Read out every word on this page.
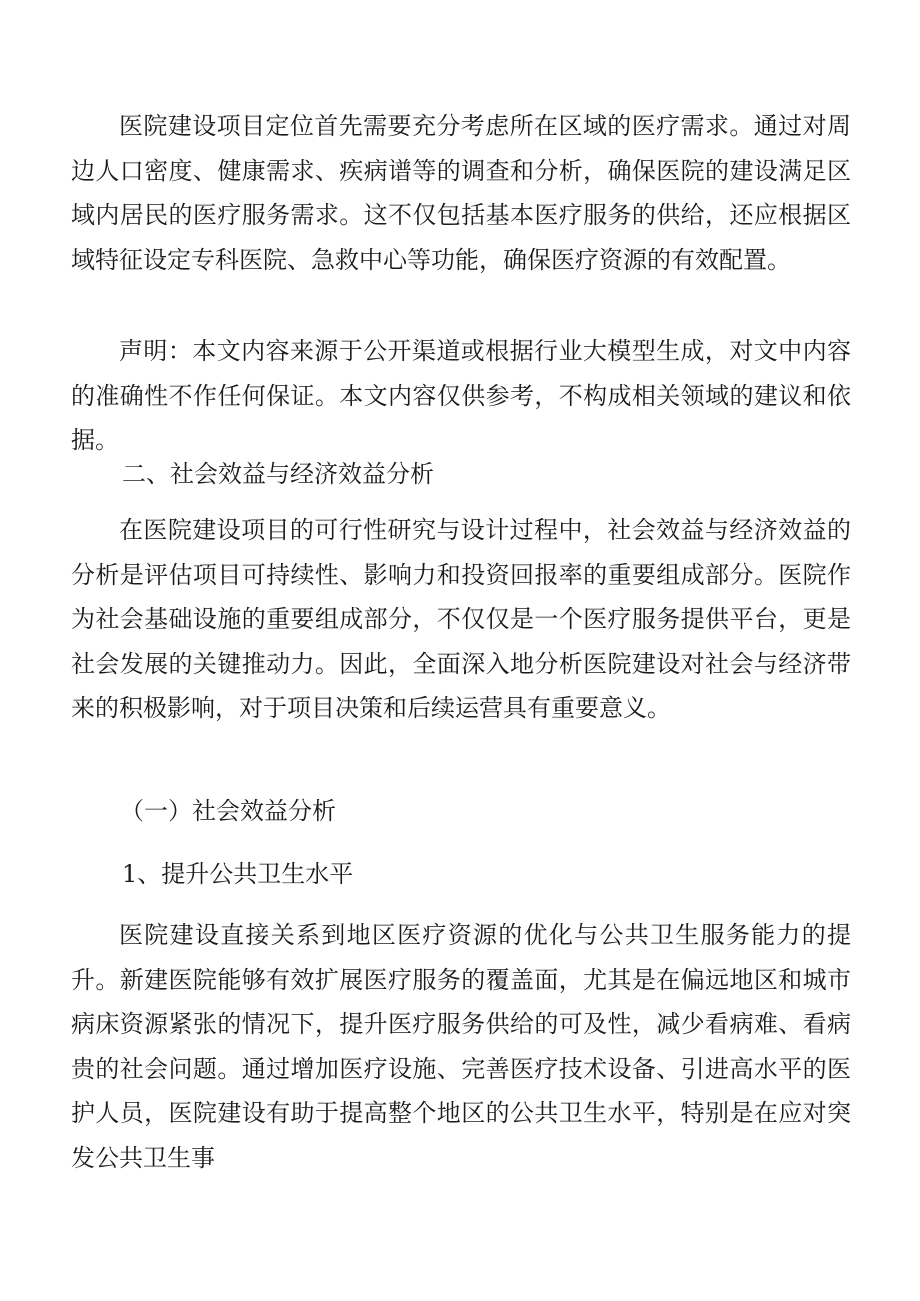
医院建设项目定位首先需要充分考虑所在区域的医疗需求。通过对周边人口密度、健康需求、疾病谱等的调查和分析，确保医院的建设满足区域内居民的医疗服务需求。这不仅包括基本医疗服务的供给，还应根据区域特征设定专科医院、急救中心等功能，确保医疗资源的有效配置。

声明：本文内容来源于公开渠道或根据行业大模型生成，对文中内容的准确性不作任何保证。本文内容仅供参考，不构成相关领域的建议和依据。

二、社会效益与经济效益分析

在医院建设项目的可行性研究与设计过程中，社会效益与经济效益的分析是评估项目可持续性、影响力和投资回报率的重要组成部分。医院作为社会基础设施的重要组成部分，不仅仅是一个医疗服务提供平台，更是社会发展的关键推动力。因此，全面深入地分析医院建设对社会与经济带来的积极影响，对于项目决策和后续运营具有重要意义。

（一）社会效益分析
1、提升公共卫生水平

医院建设直接关系到地区医疗资源的优化与公共卫生服务能力的提升。新建医院能够有效扩展医疗服务的覆盖面，尤其是在偏远地区和城市病床资源紧张的情况下，提升医疗服务供给的可及性，减少看病难、看病贵的社会问题。通过增加医疗设施、完善医疗技术设备、引进高水平的医护人员，医院建设有助于提高整个地区的公共卫生水平，特别是在应对突发公共卫生事
